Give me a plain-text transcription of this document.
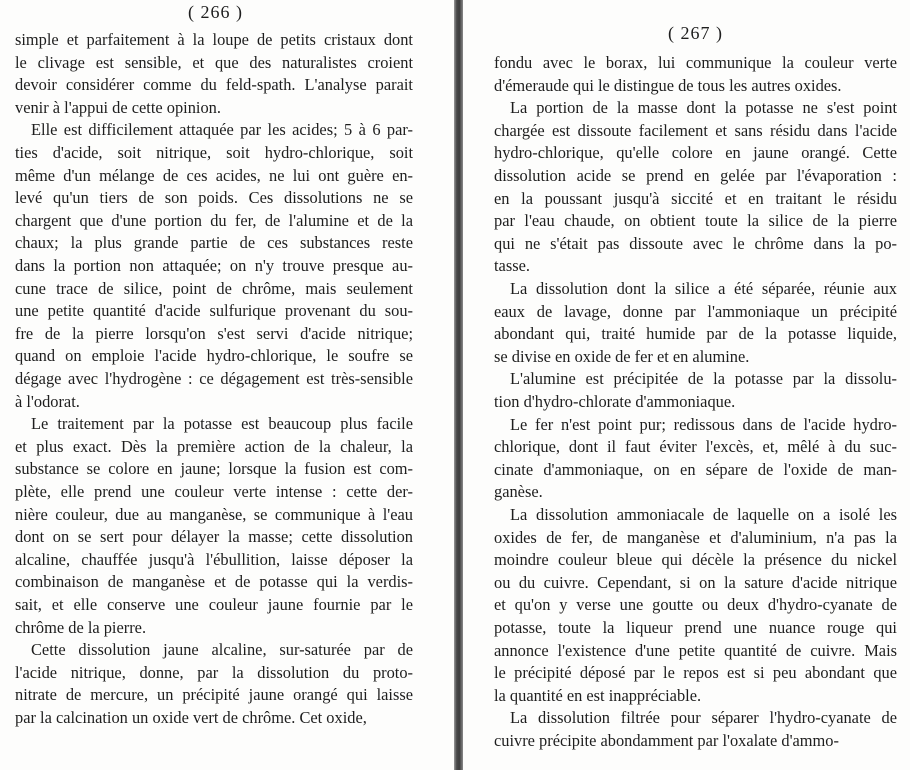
( 266 )
simple et parfaitement à la loupe de petits cristaux dont
le clivage est sensible, et que des naturalistes croient
devoir considérer comme du feld-spath. L'analyse parait
venir à l'appui de cette opinion.
Elle est difficilement attaquée par les acides; 5 à 6 par-
ties d'acide, soit nitrique, soit hydro-chlorique, soit
même d'un mélange de ces acides, ne lui ont guère en-
levé qu'un tiers de son poids. Ces dissolutions ne se
chargent que d'une portion du fer, de l'alumine et de la
chaux; la plus grande partie de ces substances reste
dans la portion non attaquée; on n'y trouve presque au-
cune trace de silice, point de chrôme, mais seulement
une petite quantité d'acide sulfurique provenant du sou-
fre de la pierre lorsqu'on s'est servi d'acide nitrique;
quand on emploie l'acide hydro-chlorique, le soufre se
dégage avec l'hydrogène : ce dégagement est très-sensible
à l'odorat.
Le traitement par la potasse est beaucoup plus facile
et plus exact. Dès la première action de la chaleur, la
substance se colore en jaune; lorsque la fusion est com-
plète, elle prend une couleur verte intense : cette der-
nière couleur, due au manganèse, se communique à l'eau
dont on se sert pour délayer la masse; cette dissolution
alcaline, chauffée jusqu'à l'ébullition, laisse déposer la
combinaison de manganèse et de potasse qui la verdis-
sait, et elle conserve une couleur jaune fournie par le
chrôme de la pierre.
Cette dissolution jaune alcaline, sur-saturée par de
l'acide nitrique, donne, par la dissolution du proto-
nitrate de mercure, un précipité jaune orangé qui laisse
par la calcination un oxide vert de chrôme. Cet oxide,
( 267 )
fondu avec le borax, lui communique la couleur verte
d'émeraude qui le distingue de tous les autres oxides.
La portion de la masse dont la potasse ne s'est point
chargée est dissoute facilement et sans résidu dans l'acide
hydro-chlorique, qu'elle colore en jaune orangé. Cette
dissolution acide se prend en gelée par l'évaporation :
en la poussant jusqu'à siccité et en traitant le résidu
par l'eau chaude, on obtient toute la silice de la pierre
qui ne s'était pas dissoute avec le chrôme dans la po-
tasse.
La dissolution dont la silice a été séparée, réunie aux
eaux de lavage, donne par l'ammoniaque un précipité
abondant qui, traité humide par de la potasse liquide,
se divise en oxide de fer et en alumine.
L'alumine est précipitée de la potasse par la dissolu-
tion d'hydro-chlorate d'ammoniaque.
Le fer n'est point pur; redissous dans de l'acide hydro-
chlorique, dont il faut éviter l'excès, et, mêlé à du suc-
cinate d'ammoniaque, on en sépare de l'oxide de man-
ganèse.
La dissolution ammoniacale de laquelle on a isolé les
oxides de fer, de manganèse et d'aluminium, n'a pas la
moindre couleur bleue qui décèle la présence du nickel
ou du cuivre. Cependant, si on la sature d'acide nitrique
et qu'on y verse une goutte ou deux d'hydro-cyanate de
potasse, toute la liqueur prend une nuance rouge qui
annonce l'existence d'une petite quantité de cuivre. Mais
le précipité déposé par le repos est si peu abondant que
la quantité en est inappréciable.
La dissolution filtrée pour séparer l'hydro-cyanate de
cuivre précipite abondamment par l'oxalate d'ammo-
